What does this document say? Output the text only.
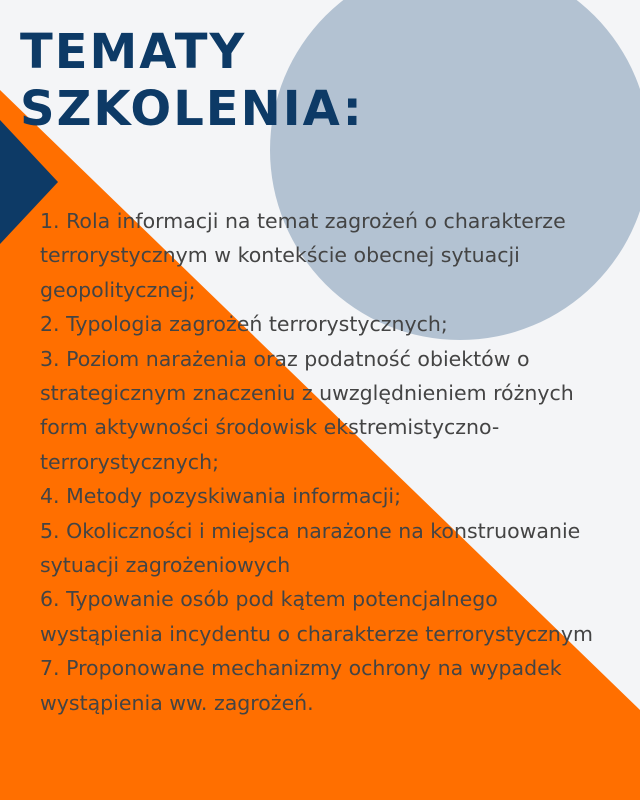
TEMATY
SZKOLENIA:
1. Rola informacji na temat zagrożeń o charakterze terrorystycznym w kontekście obecnej sytuacji geopolitycznej;
2. Typologia zagrożeń terrorystycznych;
3. Poziom narażenia oraz podatność obiektów o strategicznym znaczeniu z uwzględnieniem różnych form aktywności środowisk ekstremistyczno-terrorystycznych;
4. Metody pozyskiwania informacji;
5. Okoliczności i miejsca narażone na konstruowanie sytuacji zagrożeniowych
6. Typowanie osób pod kątem potencjalnego wystąpienia incydentu o charakterze terrorystycznym
7. Proponowane mechanizmy ochrony na wypadek wystąpienia ww. zagrożeń.
